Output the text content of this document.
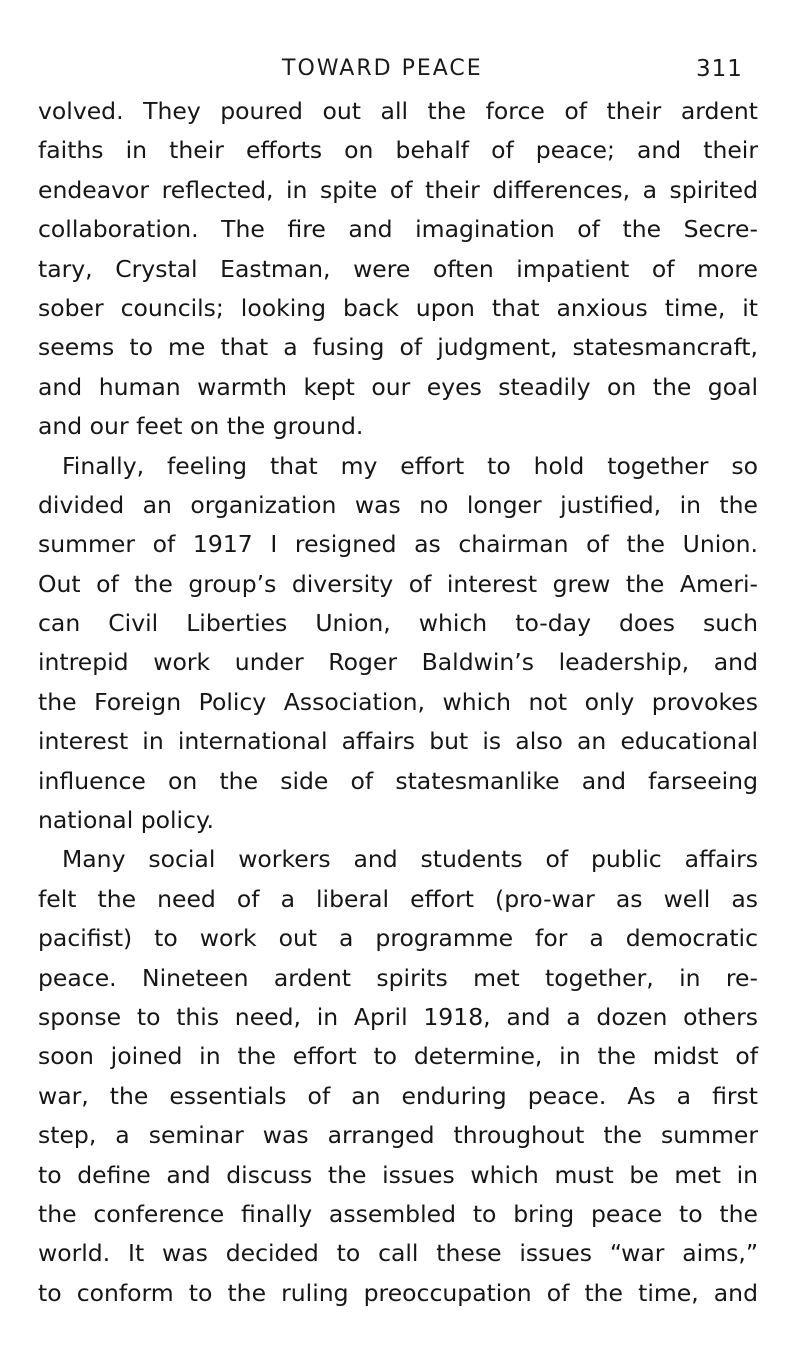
TOWARD PEACE	311
volved. They poured out all the force of their ardent
faiths in their efforts on behalf of peace; and their
endeavor reflected, in spite of their differences, a spirited
collaboration. The fire and imagination of the Secre-
tary, Crystal Eastman, were often impatient of more
sober councils; looking back upon that anxious time, it
seems to me that a fusing of judgment, statesmancraft,
and human warmth kept our eyes steadily on the goal
and our feet on the ground.
Finally, feeling that my effort to hold together so
divided an organization was no longer justified, in the
summer of 1917 I resigned as chairman of the Union.
Out of the group’s diversity of interest grew the Ameri-
can Civil Liberties Union, which to-day does such
intrepid work under Roger Baldwin’s leadership, and
the Foreign Policy Association, which not only provokes
interest in international affairs but is also an educational
influence on the side of statesmanlike and farseeing
national policy.
Many social workers and students of public affairs
felt the need of a liberal effort (pro-war as well as
pacifist) to work out a programme for a democratic
peace. Nineteen ardent spirits met together, in re-
sponse to this need, in April 1918, and a dozen others
soon joined in the effort to determine, in the midst of
war, the essentials of an enduring peace. As a first
step, a seminar was arranged throughout the summer
to define and discuss the issues which must be met in
the conference finally assembled to bring peace to the
world. It was decided to call these issues “war aims,”
to conform to the ruling preoccupation of the time, and
